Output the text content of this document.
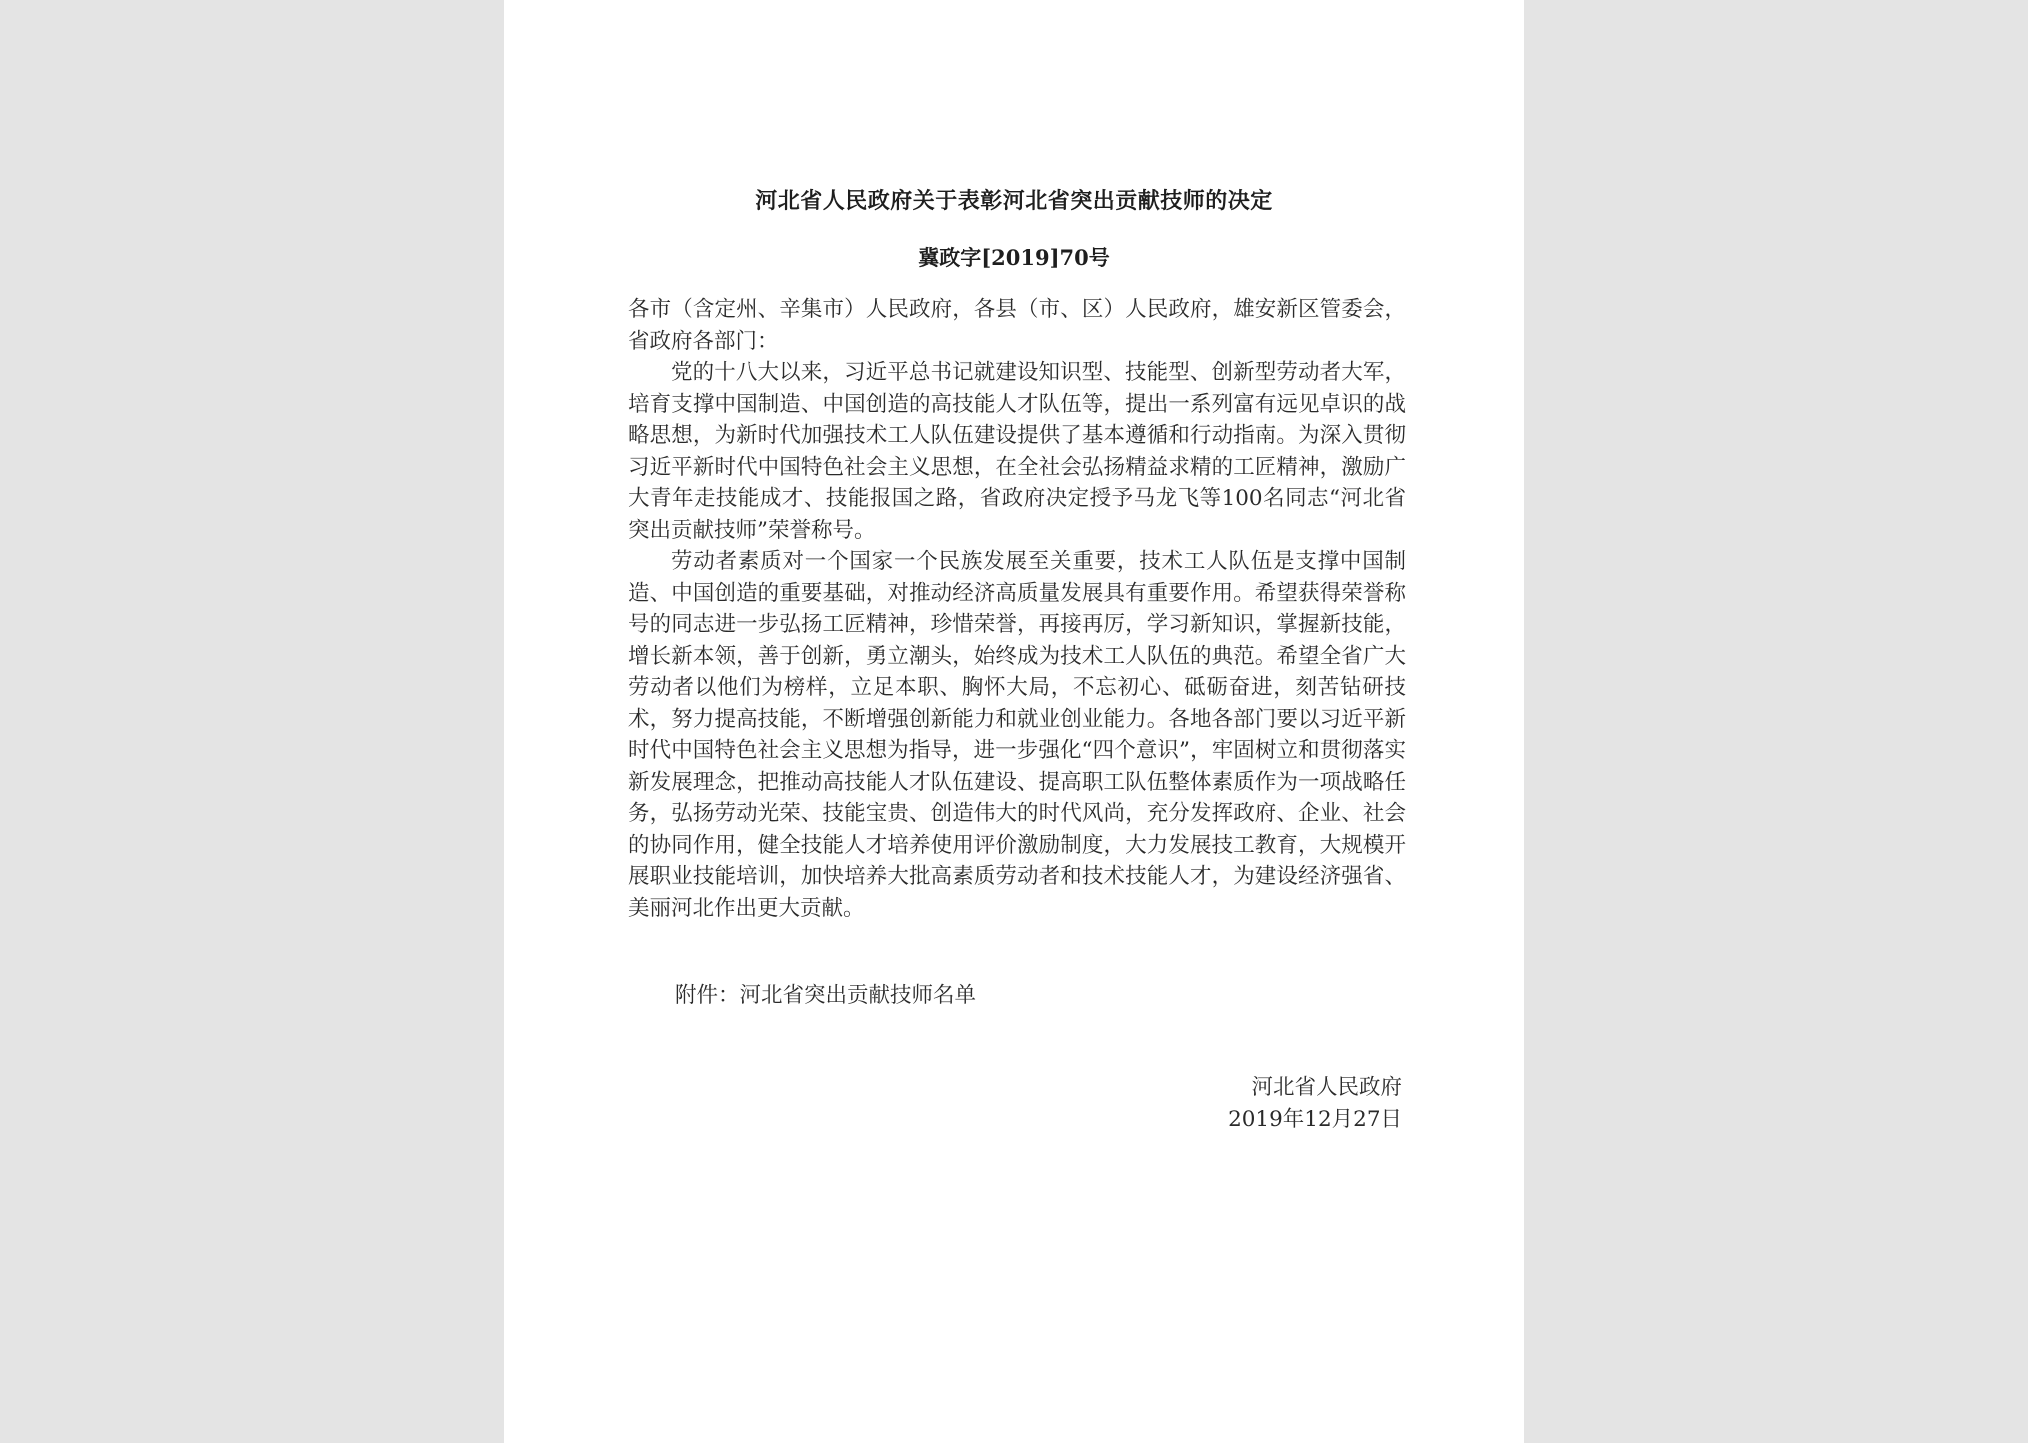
河北省人民政府关于表彰河北省突出贡献技师的决定
冀政字[2019]70号

各市（含定州、辛集市）人民政府，各县（市、区）人民政府，雄安新区管委会，省政府各部门：

党的十八大以来，习近平总书记就建设知识型、技能型、创新型劳动者大军，培育支撑中国制造、中国创造的高技能人才队伍等，提出一系列富有远见卓识的战略思想，为新时代加强技术工人队伍建设提供了基本遵循和行动指南。为深入贯彻习近平新时代中国特色社会主义思想，在全社会弘扬精益求精的工匠精神，激励广大青年走技能成才、技能报国之路，省政府决定授予马龙飞等100名同志“河北省突出贡献技师”荣誉称号。

劳动者素质对一个国家一个民族发展至关重要，技术工人队伍是支撑中国制造、中国创造的重要基础，对推动经济高质量发展具有重要作用。希望获得荣誉称号的同志进一步弘扬工匠精神，珍惜荣誉，再接再厉，学习新知识，掌握新技能，增长新本领，善于创新，勇立潮头，始终成为技术工人队伍的典范。希望全省广大劳动者以他们为榜样，立足本职、胸怀大局，不忘初心、砥砺奋进，刻苦钻研技术，努力提高技能，不断增强创新能力和就业创业能力。各地各部门要以习近平新时代中国特色社会主义思想为指导，进一步强化“四个意识”，牢固树立和贯彻落实新发展理念，把推动高技能人才队伍建设、提高职工队伍整体素质作为一项战略任务，弘扬劳动光荣、技能宝贵、创造伟大的时代风尚，充分发挥政府、企业、社会的协同作用，健全技能人才培养使用评价激励制度，大力发展技工教育，大规模开展职业技能培训，加快培养大批高素质劳动者和技术技能人才，为建设经济强省、美丽河北作出更大贡献。

附件：河北省突出贡献技师名单
河北省人民政府
2019年12月27日
